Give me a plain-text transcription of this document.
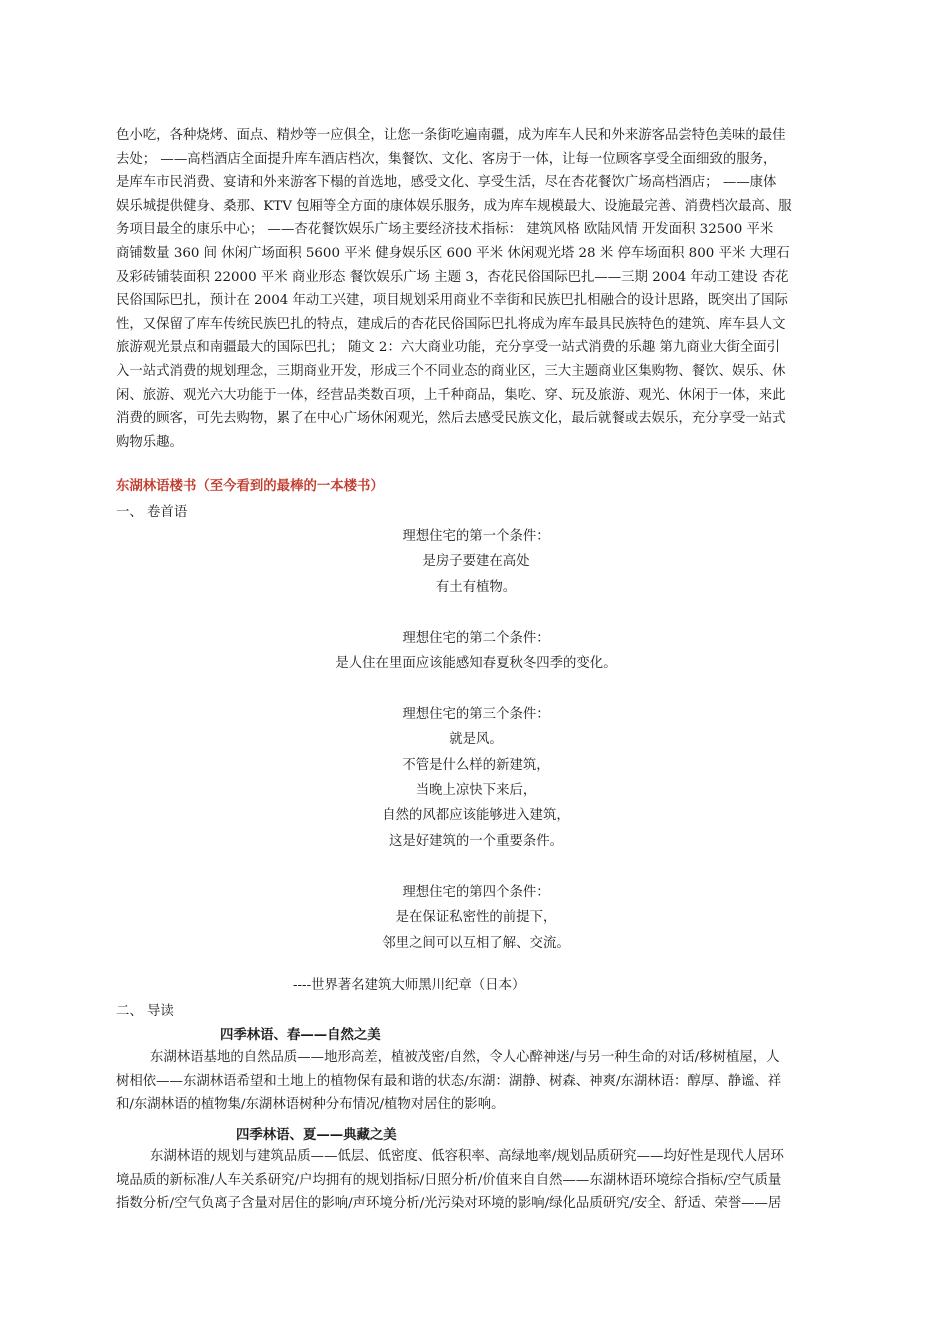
色小吃，各种烧烤、面点、精炒等一应俱全，让您一条街吃遍南疆，成为库车人民和外来游客品尝特色美味的最佳
去处； ——高档酒店全面提升库车酒店档次，集餐饮、文化、客房于一体，让每一位顾客享受全面细致的服务，
是库车市民消费、宴请和外来游客下榻的首选地，感受文化、享受生活，尽在杏花餐饮广场高档酒店； ——康体
娱乐城提供健身、桑那、KTV 包厢等全方面的康体娱乐服务，成为库车规模最大、设施最完善、消费档次最高、服
务项目最全的康乐中心； ——杏花餐饮娱乐广场主要经济技术指标： 建筑风格 欧陆风情 开发面积 32500 平米
商铺数量 360 间 休闲广场面积 5600 平米 健身娱乐区 600 平米 休闲观光塔 28 米 停车场面积 800 平米 大理石
及彩砖铺装面积 22000 平米 商业形态 餐饮娱乐广场 主题 3，杏花民俗国际巴扎——三期 2004 年动工建设 杏花
民俗国际巴扎，预计在 2004 年动工兴建，项目规划采用商业不幸街和民族巴扎相融合的设计思路，既突出了国际
性，又保留了库车传统民族巴扎的特点，建成后的杏花民俗国际巴扎将成为库车最具民族特色的建筑、库车县人文
旅游观光景点和南疆最大的国际巴扎； 随文 2：六大商业功能，充分享受一站式消费的乐趣 第九商业大街全面引
入一站式消费的规划理念，三期商业开发，形成三个不同业态的商业区，三大主题商业区集购物、餐饮、娱乐、休
闲、旅游、观光六大功能于一体，经营品类数百项，上千种商品，集吃、穿、玩及旅游、观光、休闲于一体，来此
消费的顾客，可先去购物，累了在中心广场休闲观光，然后去感受民族文化，最后就餐或去娱乐，充分享受一站式
购物乐趣。
东湖林语楼书（至今看到的最棒的一本楼书）
一、 卷首语
理想住宅的第一个条件：
是房子要建在高处
有土有植物。

理想住宅的第二个条件：
是人住在里面应该能感知春夏秋冬四季的变化。

理想住宅的第三个条件：
就是风。
不管是什么样的新建筑，
当晚上凉快下来后，
自然的风都应该能够进入建筑，
这是好建筑的一个重要条件。

理想住宅的第四个条件：
是在保证私密性的前提下，
邻里之间可以互相了解、交流。
----世界著名建筑大师黑川纪章（日本）
二、 导读
四季林语、春——自然之美
东湖林语基地的自然品质——地形高差，植被茂密/自然，令人心醉神迷/与另一种生命的对话/移树植屋，人
树相依——东湖林语希望和土地上的植物保有最和谐的状态/东湖：湖静、树森、神爽/东湖林语：醇厚、静谧、祥
和/东湖林语的植物集/东湖林语树种分布情况/植物对居住的影响。
四季林语、夏——典藏之美
东湖林语的规划与建筑品质——低层、低密度、低容积率、高绿地率/规划品质研究——均好性是现代人居环
境品质的新标准/人车关系研究/户均拥有的规划指标/日照分析/价值来自自然——东湖林语环境综合指标/空气质量
指数分析/空气负离子含量对居住的影响/声环境分析/光污染对环境的影响/绿化品质研究/安全、舒适、荣誉——居
